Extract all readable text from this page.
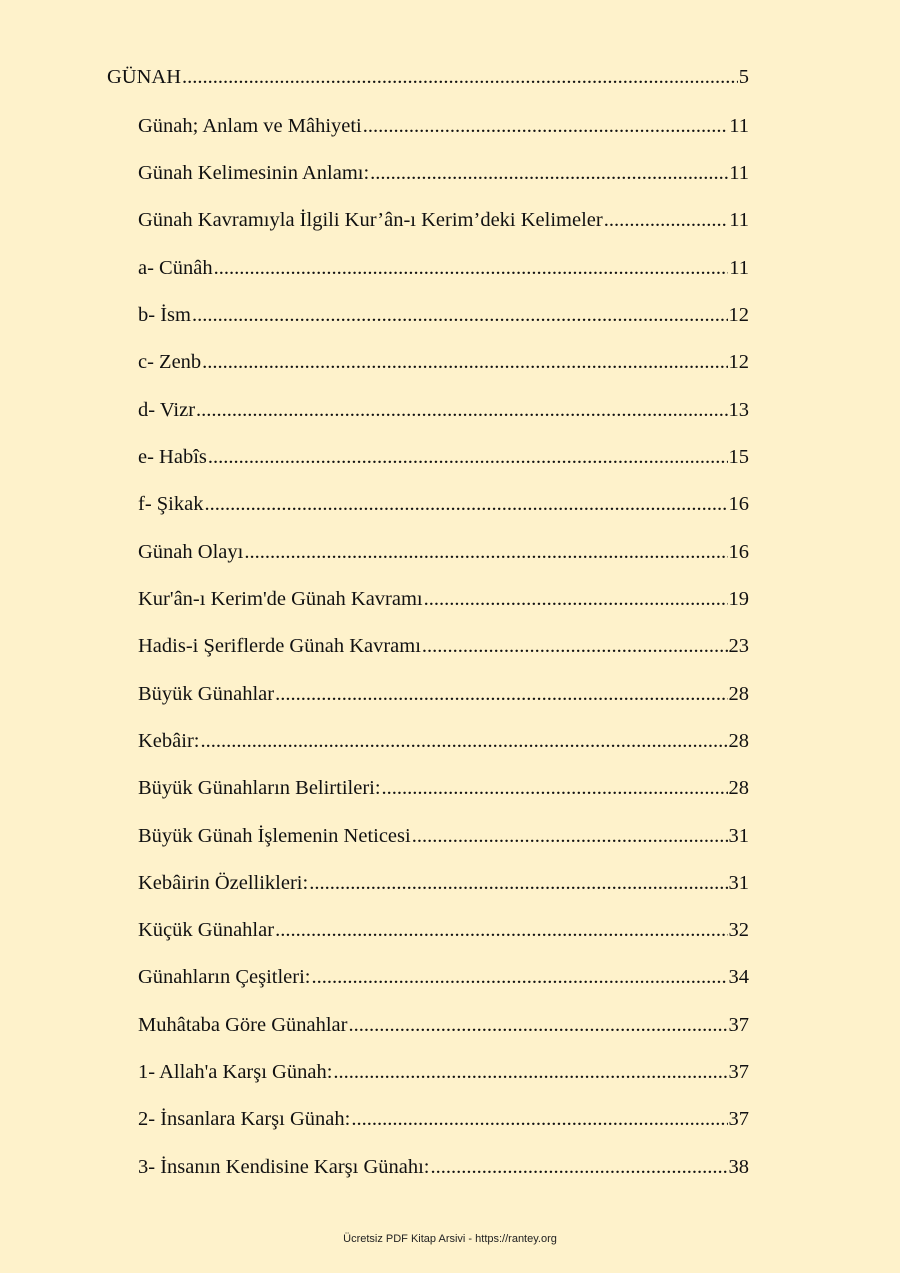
GÜNAH .....	5
Günah; Anlam ve Mâhiyeti .....	11
Günah Kelimesinin Anlamı: .....	11
Günah Kavramıyla İlgili Kur’ân-ı Kerim’deki Kelimeler .....	11
a- Cünâh .....	11
b- İsm .....	12
c- Zenb .....	12
d- Vizr .....	13
e- Habîs .....	15
f- Şikak .....	16
Günah Olayı .....	16
Kur'ân-ı Kerim'de Günah Kavramı .....	19
Hadis-i Şeriflerde Günah Kavramı .....	23
Büyük Günahlar .....	28
Kebâir: .....	28
Büyük Günahların Belirtileri: .....	28
Büyük Günah İşlemenin Neticesi .....	31
Kebâirin Özellikleri: .....	31
Küçük Günahlar .....	32
Günahların Çeşitleri: .....	34
Muhâtaba Göre Günahlar .....	37
1- Allah'a Karşı Günah: .....	37
2- İnsanlara Karşı Günah: .....	37
3- İnsanın Kendisine Karşı Günahı: .....	38
Ücretsiz PDF Kitap Arsivi - https://rantey.org
